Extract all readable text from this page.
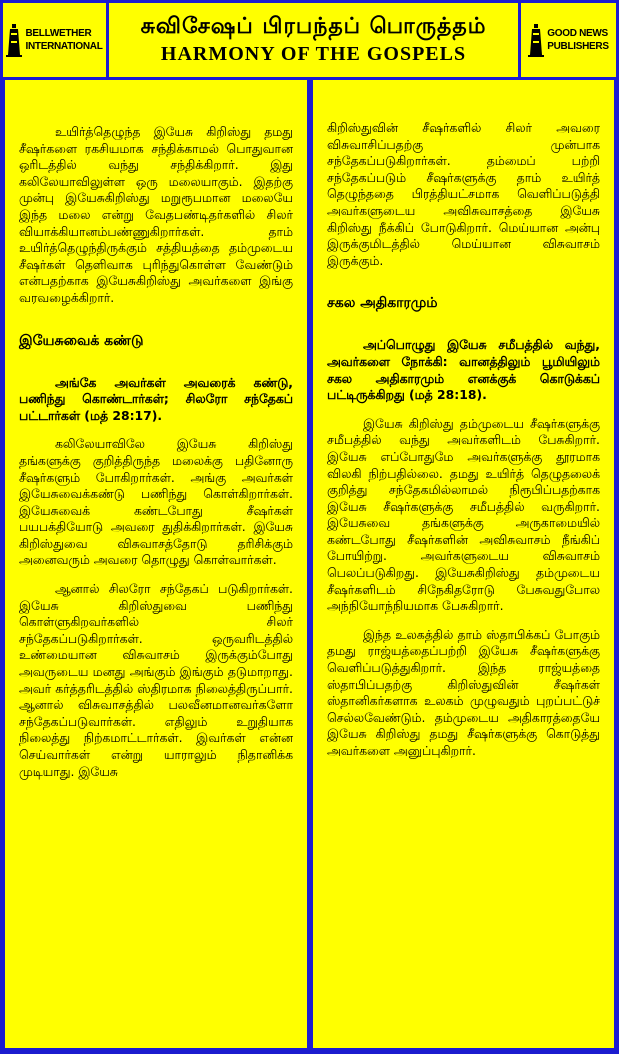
BELLWETHER
INTERNATIONAL
சுவிசேஷப் பிரபந்தப் பொருத்தம்
HARMONY OF THE GOSPELS
GOOD NEWS
PUBLISHERS

உயிர்த்தெழுந்த இயேசு கிறிஸ்து தமது சீஷர்களை ரகசியமாக சந்திக்காமல் பொதுவான ஒரிடத்தில் வந்து சந்திக்கிறார். இது கலிலேயாவிலுள்ள ஒரு மலையாகும். இதற்கு முன்பு இயேசுகிறிஸ்து மறுரூபமான மலையே இந்த மலை என்று வேதபண்டிதர்களில் சிலர் வியாக்கியானம்பண்ணுகிறார்கள். தாம் உயிர்த்தெழுந்திருக்கும் சத்தியத்தை தம்முடைய சீஷர்கள் தெளிவாக புரிந்துகொள்ள வேண்டும் என்பதற்காக இயேசுகிறிஸ்து அவர்களை இங்கு வரவழைக்கிறார்.

இயேசுவைக் கண்டு

அங்கே அவர்கள் அவரைக் கண்டு, பணிந்து கொண்டார்கள்; சிலரோ சந்தேகப் பட்டார்கள் (மத் 28:17).

கலிலேயாவிலே இயேசு கிறிஸ்து தங்களுக்கு குறித்திருந்த மலைக்கு பதினோரு சீஷர்களும் போகிறார்கள். அங்கு அவர்கள் இயேசுவைக்கண்டு பணிந்து கொள்கிறார்கள். இயேசுவைக் கண்டபோது சீஷர்கள் பயபக்தியோடு அவரை துதிக்கிறார்கள். இயேசு கிறிஸ்துவை விசுவாசத்தோடு தரிசிக்கும் அனைவரும் அவரை தொழுது கொள்வார்கள்.

ஆனால் சிலரோ சந்தேகப் படுகிறார்கள். இயேசு கிறிஸ்துவை பணிந்து கொள்ளுகிறவர்களில் சிலர் சந்தேகப்படுகிறார்கள். ஒருவரிடத்தில் உண்மையான விசுவாசம் இருக்கும்போது அவருடைய மனது அங்கும் இங்கும் தடுமாறாது. அவர் கர்த்தரிடத்தில் ஸ்திரமாக நிலைத்திருப்பார். ஆனால் விசுவாசத்தில் பலவீனமானவர்களோ சந்தேகப்படுவார்கள். எதிலும் உறுதியாக நிலைத்து நிற்கமாட்டார்கள். இவர்கள் என்ன செய்வார்கள் என்று யாராலும் நிதானிக்க முடியாது. இயேசு

கிறிஸ்துவின் சீஷர்களில் சிலர் அவரை விசுவாசிப்பதற்கு முன்பாக சந்தேகப்படுகிறார்கள். தம்மைப் பற்றி சந்தேகப்படும் சீஷர்களுக்கு தாம் உயிர்த் தெழுந்ததை பிரத்தியட்சமாக வெளிப்படுத்தி அவர்களுடைய அவிசுவாசத்தை இயேசு கிறிஸ்து நீக்கிப் போடுகிறார். மெய்யான அன்பு இருக்குமிடத்தில் மெய்யான விசுவாசம் இருக்கும்.

சகல அதிகாரமும்

அப்பொழுது இயேசு சமீபத்தில் வந்து, அவர்களை நோக்கி: வானத்திலும் பூமியிலும் சகல அதிகாரமும் எனக்குக் கொடுக்கப் பட்டிருக்கிறது (மத் 28:18).

இயேசு கிறிஸ்து தம்முடைய சீஷர்களுக்கு சமீபத்தில் வந்து அவர்களிடம் பேசுகிறார். இயேசு எப்போதுமே அவர்களுக்கு தூரமாக விலகி நிற்பதில்லை. தமது உயிர்த் தெழுதலைக் குறித்து சந்தேகமில்லாமல் நிரூபிப்பதற்காக இயேசு சீஷர்களுக்கு சமீபத்தில் வருகிறார். இயேசுவை தங்களுக்கு அருகாமையில் கண்டபோது சீஷர்களின் அவிசுவாசம் நீங்கிப் போயிற்று. அவர்களுடைய விசுவாசம் பெலப்படுகிறது. இயேசுகிறிஸ்து தம்முடைய சீஷர்களிடம் சிநேகிதரோடு பேசுவதுபோல அந்நியோந்நியமாக பேசுகிறார்.

இந்த உலகத்தில் தாம் ஸ்தாபிக்கப் போகும் தமது ராஜ்யத்தைப்பற்றி இயேசு சீஷர்களுக்கு வெளிப்படுத்துகிறார். இந்த ராஜ்யத்தை ஸ்தாபிப்பதற்கு கிறிஸ்துவின் சீஷர்கள் ஸ்தானிகர்களாக உலகம் முழுவதும் புறப்பட்டுச் செல்லவேண்டும். தம்முடைய அதிகாரத்தையே இயேசு கிறிஸ்து தமது சீஷர்களுக்கு கொடுத்து அவர்களை அனுப்புகிறார்.
